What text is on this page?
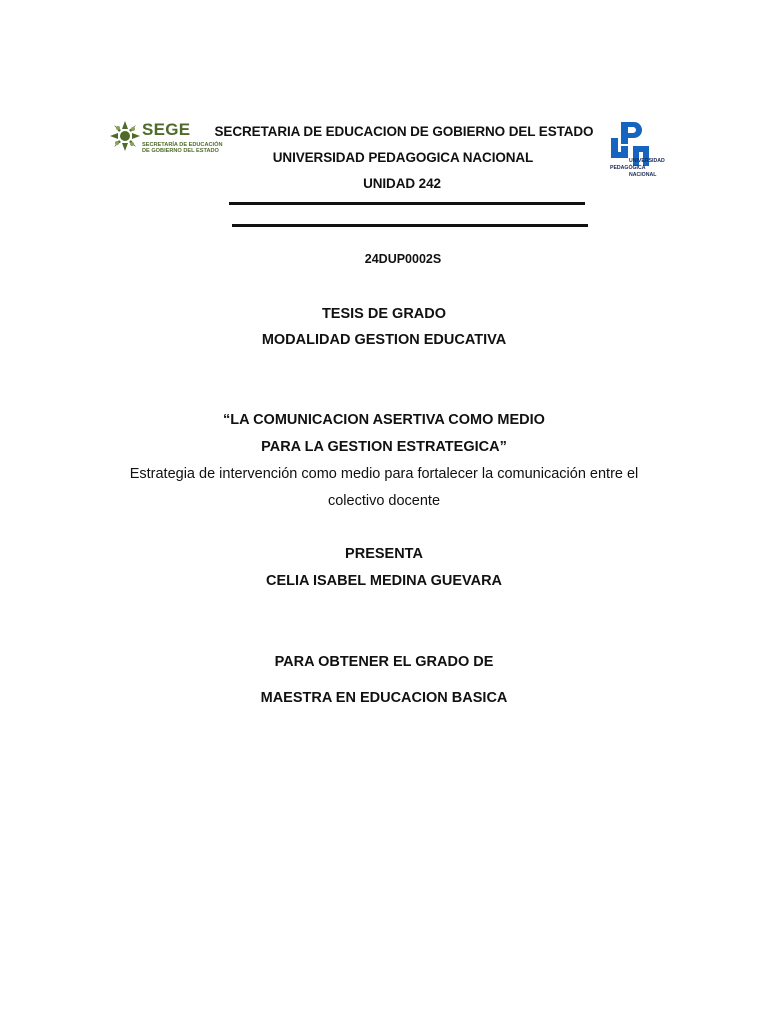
SEGE
SECRETARÍA DE EDUCACIÓN
DE GOBIERNO DEL ESTADO
SECRETARIA DE EDUCACION DE GOBIERNO DEL ESTADO
UNIVERSIDAD PEDAGOGICA NACIONAL
UNIDAD 242
UNIVERSIDAD
PEDAGÓGICA
NACIONAL
24DUP0002S
TESIS DE GRADO
MODALIDAD GESTION EDUCATIVA
“LA COMUNICACION ASERTIVA COMO MEDIO
PARA LA GESTION ESTRATEGICA”
Estrategia de intervención como medio para fortalecer la comunicación entre el
colectivo docente
PRESENTA
CELIA ISABEL MEDINA GUEVARA
PARA OBTENER EL GRADO DE
MAESTRA EN EDUCACION BASICA
